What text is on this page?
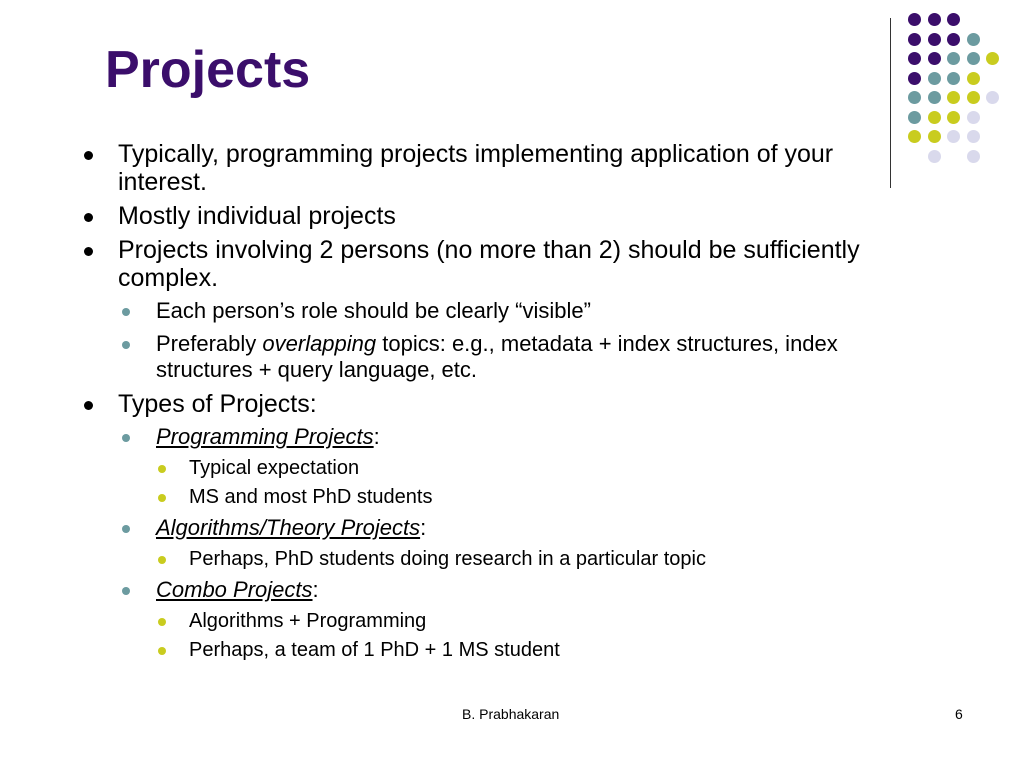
Projects
Typically, programming projects implementing application of your interest.
Mostly individual projects
Projects involving 2 persons (no more than 2) should be sufficiently complex.
Each person’s role should be clearly “visible”
Preferably overlapping topics: e.g., metadata + index structures, index structures + query language, etc.
Types of Projects:
Programming Projects:
Typical expectation
MS and most PhD students
Algorithms/Theory Projects:
Perhaps, PhD students doing research in a particular topic
Combo Projects:
Algorithms + Programming
Perhaps, a team of 1 PhD + 1 MS student
B. Prabhakaran	6
